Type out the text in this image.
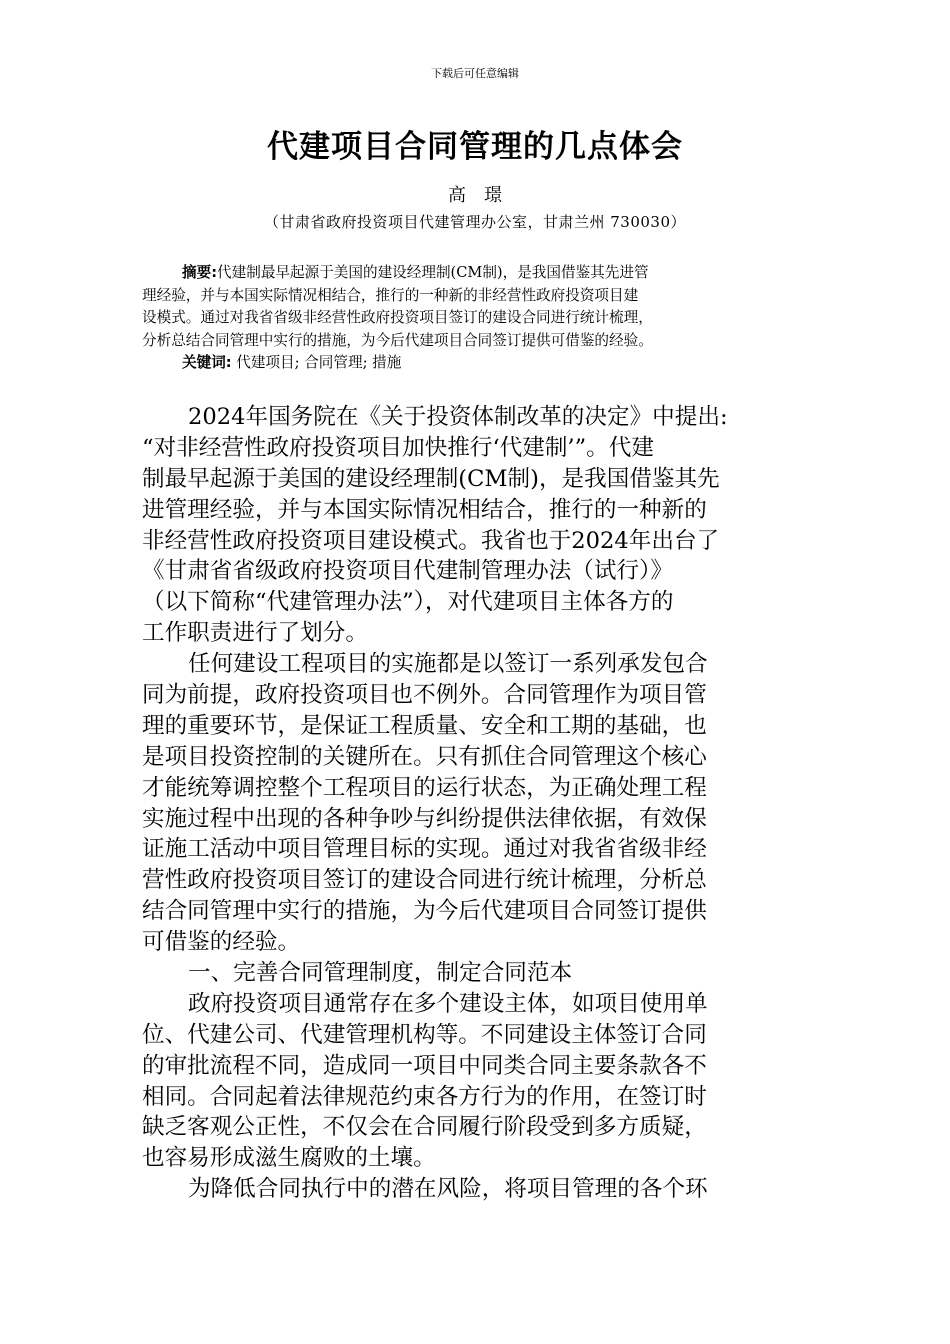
下载后可任意编辑
代建项目合同管理的几点体会
高璟
（甘肃省政府投资项目代建管理办公室，甘肃兰州 730030）
摘要:代建制最早起源于美国的建设经理制(CM制)，是我国借鉴其先进管
理经验，并与本国实际情况相结合，推行的一种新的非经营性政府投资项目建
设模式。通过对我省省级非经营性政府投资项目签订的建设合同进行统计梳理，
分析总结合同管理中实行的措施，为今后代建项目合同签订提供可借鉴的经验。
关键词: 代建项目; 合同管理; 措施
2024年国务院在《关于投资体制改革的决定》中提出:
“对非经营性政府投资项目加快推行‘代建制’”。代建
制最早起源于美国的建设经理制(CM制)，是我国借鉴其先
进管理经验，并与本国实际情况相结合，推行的一种新的
非经营性政府投资项目建设模式。我省也于2024年出台了
《甘肃省省级政府投资项目代建制管理办法（试行）》
（以下简称“代建管理办法”），对代建项目主体各方的
工作职责进行了划分。
任何建设工程项目的实施都是以签订一系列承发包合
同为前提，政府投资项目也不例外。合同管理作为项目管
理的重要环节，是保证工程质量、安全和工期的基础，也
是项目投资控制的关键所在。只有抓住合同管理这个核心
才能统筹调控整个工程项目的运行状态，为正确处理工程
实施过程中出现的各种争吵与纠纷提供法律依据，有效保
证施工活动中项目管理目标的实现。通过对我省省级非经
营性政府投资项目签订的建设合同进行统计梳理，分析总
结合同管理中实行的措施，为今后代建项目合同签订提供
可借鉴的经验。
一、完善合同管理制度，制定合同范本
政府投资项目通常存在多个建设主体，如项目使用单
位、代建公司、代建管理机构等。不同建设主体签订合同
的审批流程不同，造成同一项目中同类合同主要条款各不
相同。合同起着法律规范约束各方行为的作用，在签订时
缺乏客观公正性，不仅会在合同履行阶段受到多方质疑，
也容易形成滋生腐败的土壤。
为降低合同执行中的潜在风险，将项目管理的各个环
